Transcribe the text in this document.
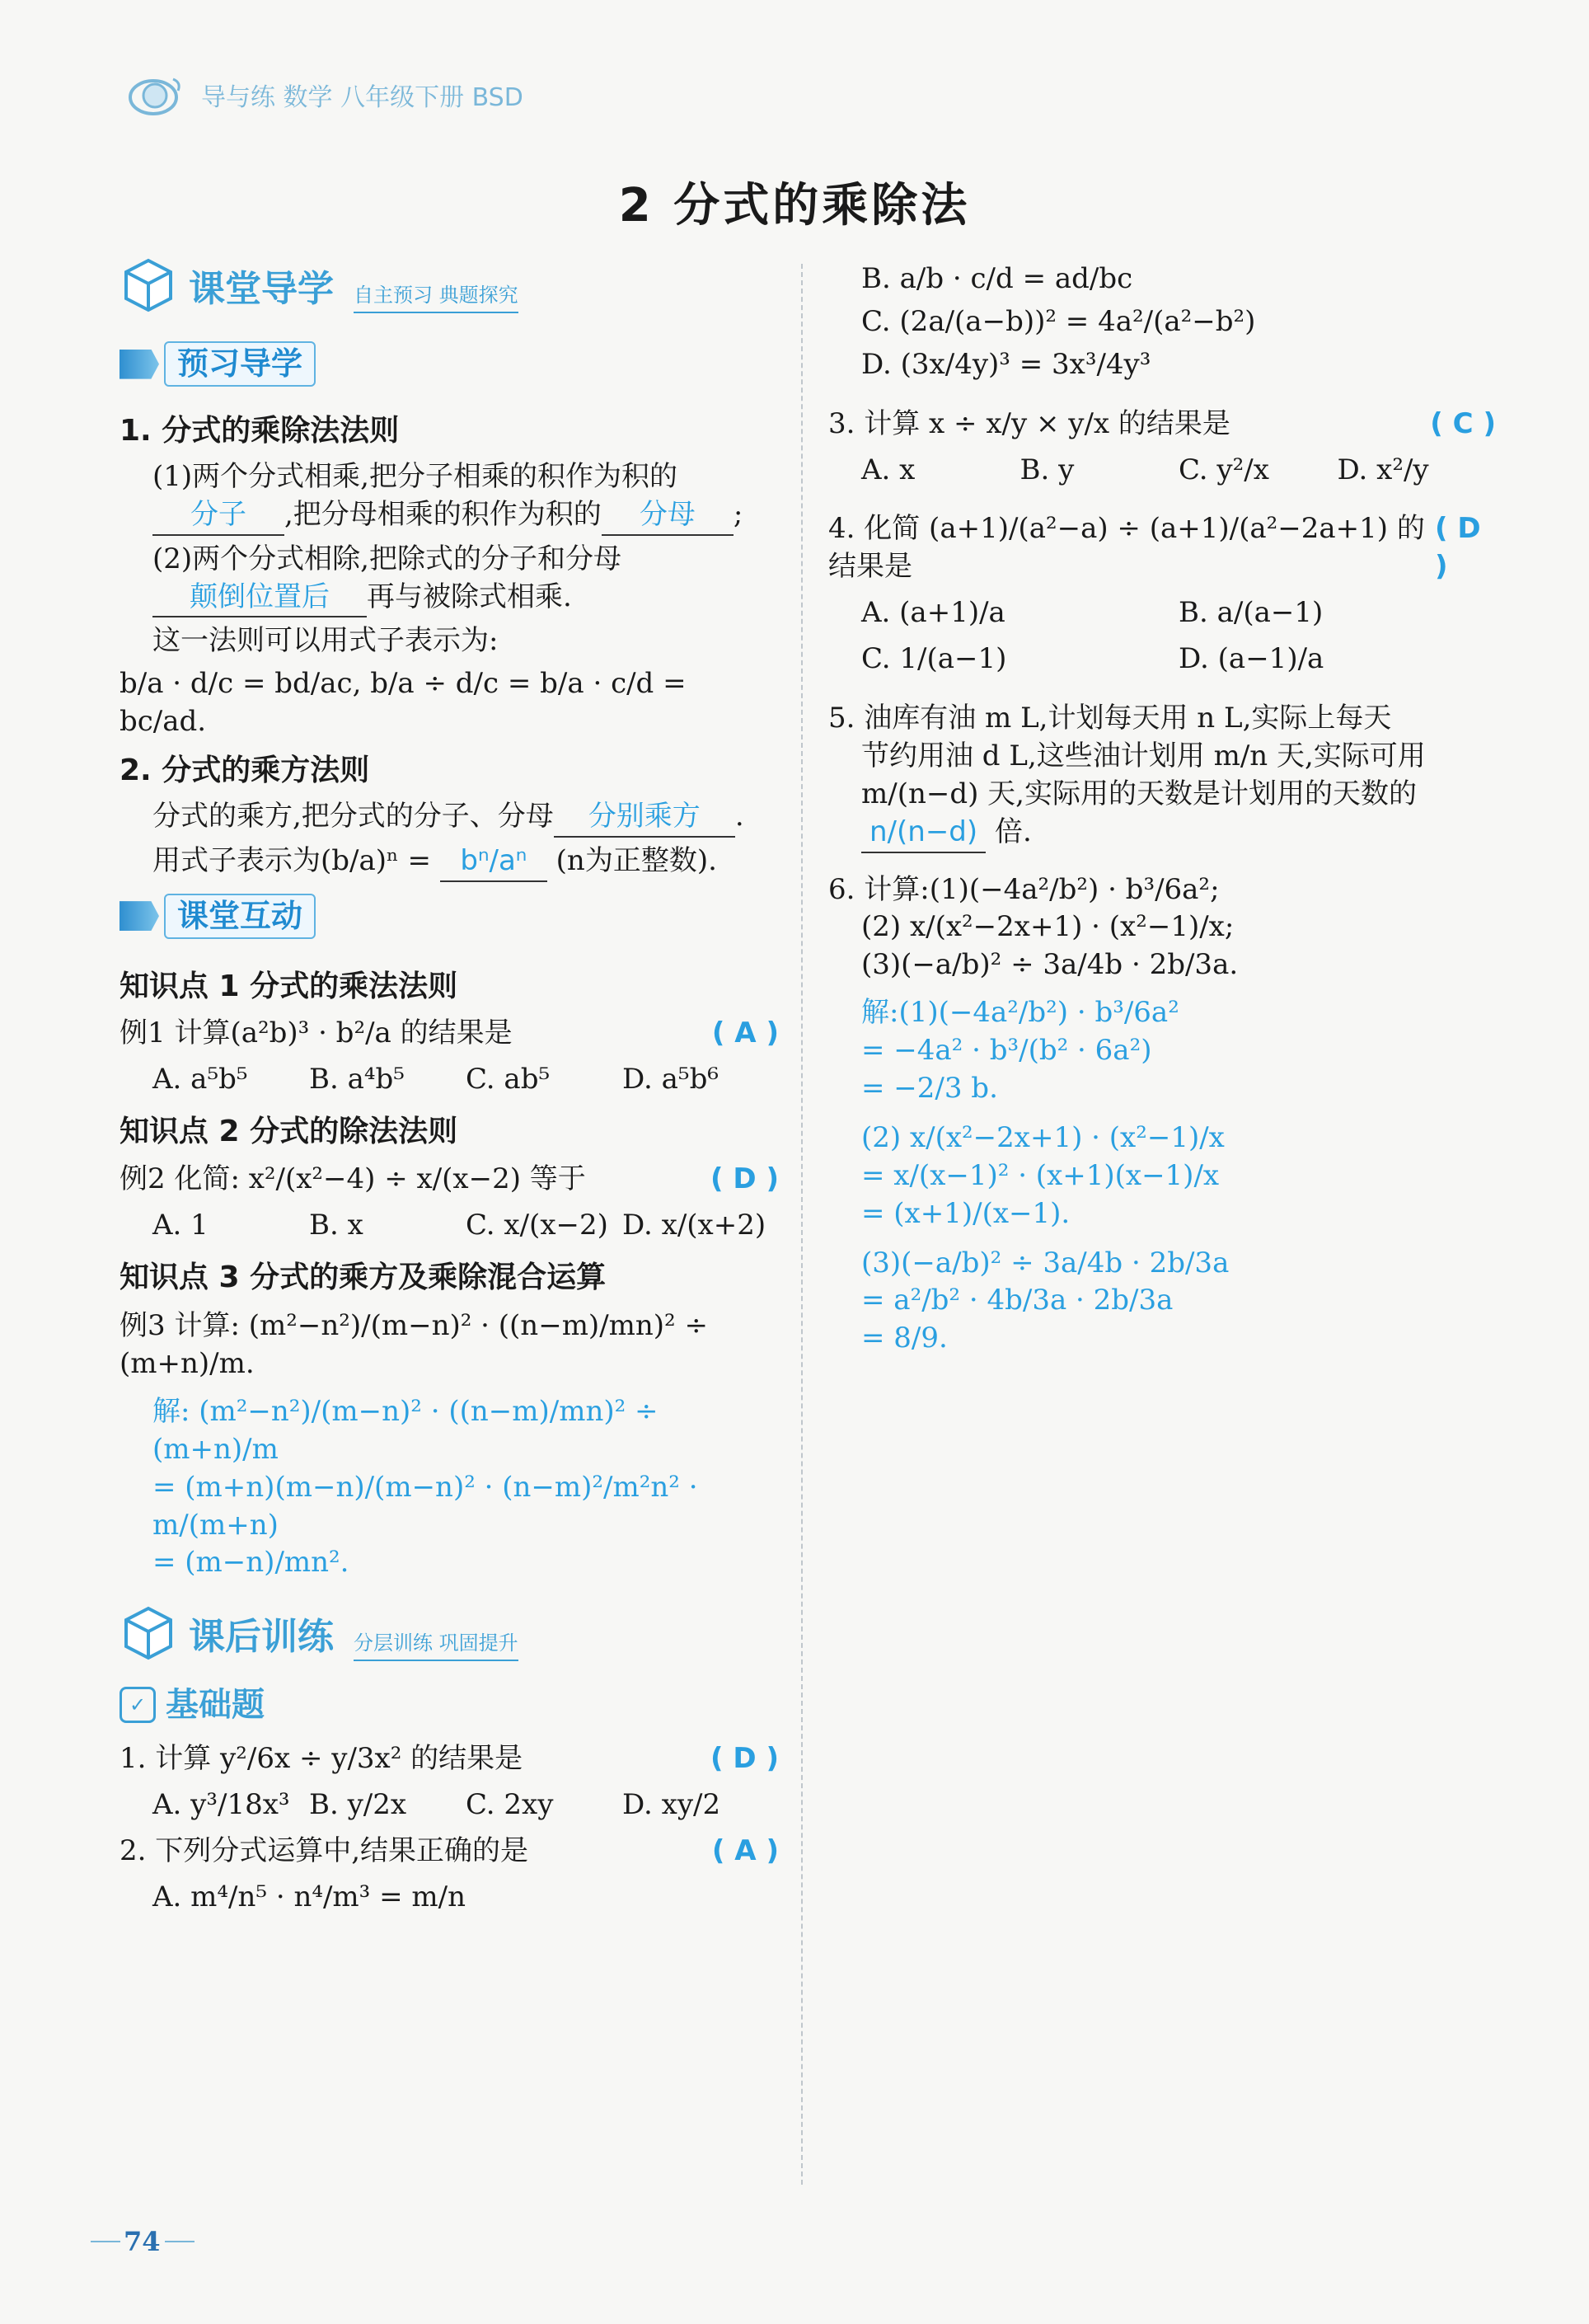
导与练 数学 八年级下册 BSD
2 分式的乘除法
课堂导学 自主预习 典题探究
预习导学
1. 分式的乘除法法则
(1)两个分式相乘,把分子相乘的积作为积的
分子 ,把分母相乘的积作为积的 分母 ;
(2)两个分式相除,把除式的分子和分母
颠倒位置后 再与被除式相乘.
这一法则可以用式子表示为:
b/a · d/c = bd/ac, b/a ÷ d/c = b/a · c/d = bc/ad.
2. 分式的乘方法则
分式的乘方,把分式的分子、分母 分别乘方 .
用式子表示为(b/a)ⁿ = bⁿ/aⁿ (n为正整数).
课堂互动
知识点 1 分式的乘法法则
例1 计算(a²b)³ · b²/a 的结果是	( A )
A. a⁵b⁵	B. a⁴b⁵	C. ab⁵	D. a⁵b⁶
知识点 2 分式的除法法则
例2 化简: x²/(x²−4) ÷ x/(x−2) 等于	( D )
A. 1	B. x	C. x/(x−2) D. x/(x+2)
知识点 3 分式的乘方及乘除混合运算
例3 计算: (m²−n²)/(m−n)² · ((n−m)/mn)² ÷ (m+n)/m.
解: (m²−n²)/(m−n)² · ((n−m)/mn)² ÷ (m+n)/m
= (m+n)(m−n)/(m−n)² · (n−m)²/m²n² · m/(m+n)
= (m−n)/mn².
课后训练 分层训练 巩固提升
✓ 基础题
1. 计算 y²/6x ÷ y/3x² 的结果是	( D )
A. y³/18x³ B. y/2x	C. 2xy	D. xy/2
2. 下列分式运算中,结果正确的是	( A )
A. m⁴/n⁵ · n⁴/m³ = m/n
B. a/b · c/d = ad/bc
C. (2a/(a−b))² = 4a²/(a²−b²)
D. (3x/4y)³ = 3x³/4y³
3. 计算 x ÷ x/y × y/x 的结果是	( C )
A. x	B. y	C. y²/x	D. x²/y
4. 化简 (a+1)/(a²−a) ÷ (a+1)/(a²−2a+1) 的结果是
( D )
A. (a+1)/a	B. a/(a−1)
C. 1/(a−1)	D. (a−1)/a
5. 油库有油 m L,计划每天用 n L,实际上每天
节约用油 d L,这些油计划用 m/n 天,实际可用
m/(n−d) 天,实际用的天数是计划用的天数的
n/(n−d) 倍.
6. 计算:(1)(−4a²/b²) · b³/6a²;
(2) x/(x²−2x+1) · (x²−1)/x;
(3)(−a/b)² ÷ 3a/4b · 2b/3a.
解:(1)(−4a²/b²) · b³/6a²
= −4a² · b³/(b² · 6a²)
= −2/3 b.
(2) x/(x²−2x+1) · (x²−1)/x
= x/(x−1)² · (x+1)(x−1)/x
= (x+1)/(x−1).
(3)(−a/b)² ÷ 3a/4b · 2b/3a
= a²/b² · 4b/3a · 2b/3a
= 8/9.
74
